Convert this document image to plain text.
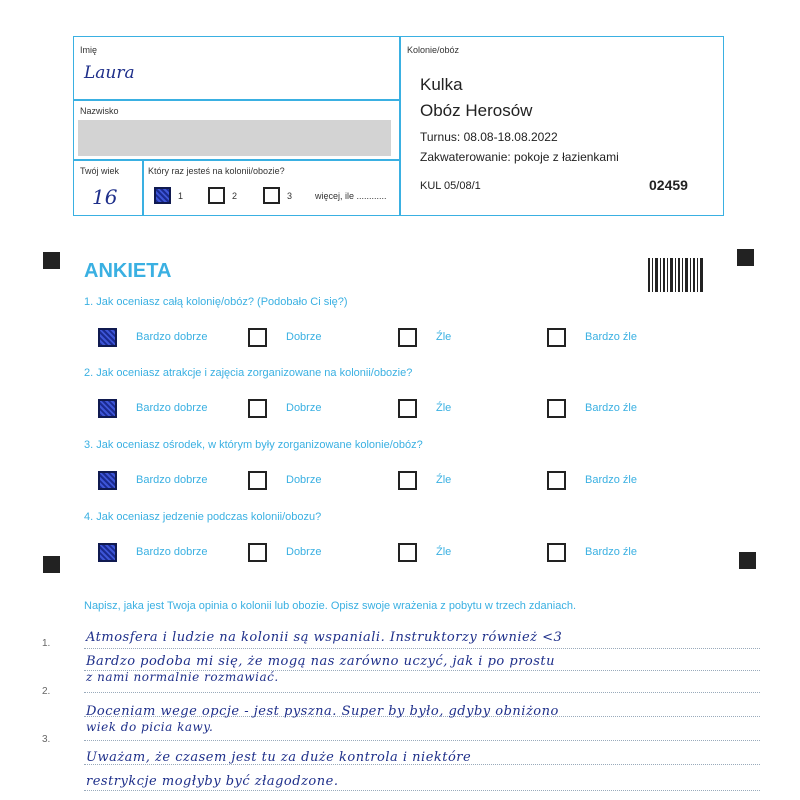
Imię
Laura
Nazwisko
Twój wiek
16
Który raz jesteś na kolonii/obozie?
1	2	3	więcej, ile ............
Kolonie/obóz
Kulka
Obóz Herosów
Turnus: 08.08-18.08.2022
Zakwaterowanie: pokoje z łazienkami
KUL 05/08/1	02459
ANKIETA
1. Jak oceniasz całą kolonię/obóz? (Podobało Ci się?)
Bardzo dobrze	Dobrze	Źle	Bardzo źle
2. Jak oceniasz atrakcje i zajęcia zorganizowane na kolonii/obozie?
Bardzo dobrze	Dobrze	Źle	Bardzo źle
3. Jak oceniasz ośrodek, w którym były zorganizowane kolonie/obóz?
Bardzo dobrze	Dobrze	Źle	Bardzo źle
4. Jak oceniasz jedzenie podczas kolonii/obozu?
Bardzo dobrze	Dobrze	Źle	Bardzo źle
Napisz, jaka jest Twoja opinia o kolonii lub obozie. Opisz swoje wrażenia z pobytu w trzech zdaniach.
1.
2.
3.
Atmosfera i ludzie na kolonii są wspaniali. Instruktorzy również <3
Bardzo podoba mi się, że mogą nas zarówno uczyć, jak i po prostu
z nami normalnie rozmawiać.
Doceniam wege opcje - jest pyszna. Super by było, gdyby obniżono
wiek do picia kawy.
Uważam, że czasem jest tu za duże kontrola i niektóre
restrykcje mogłyby być złagodzone.
